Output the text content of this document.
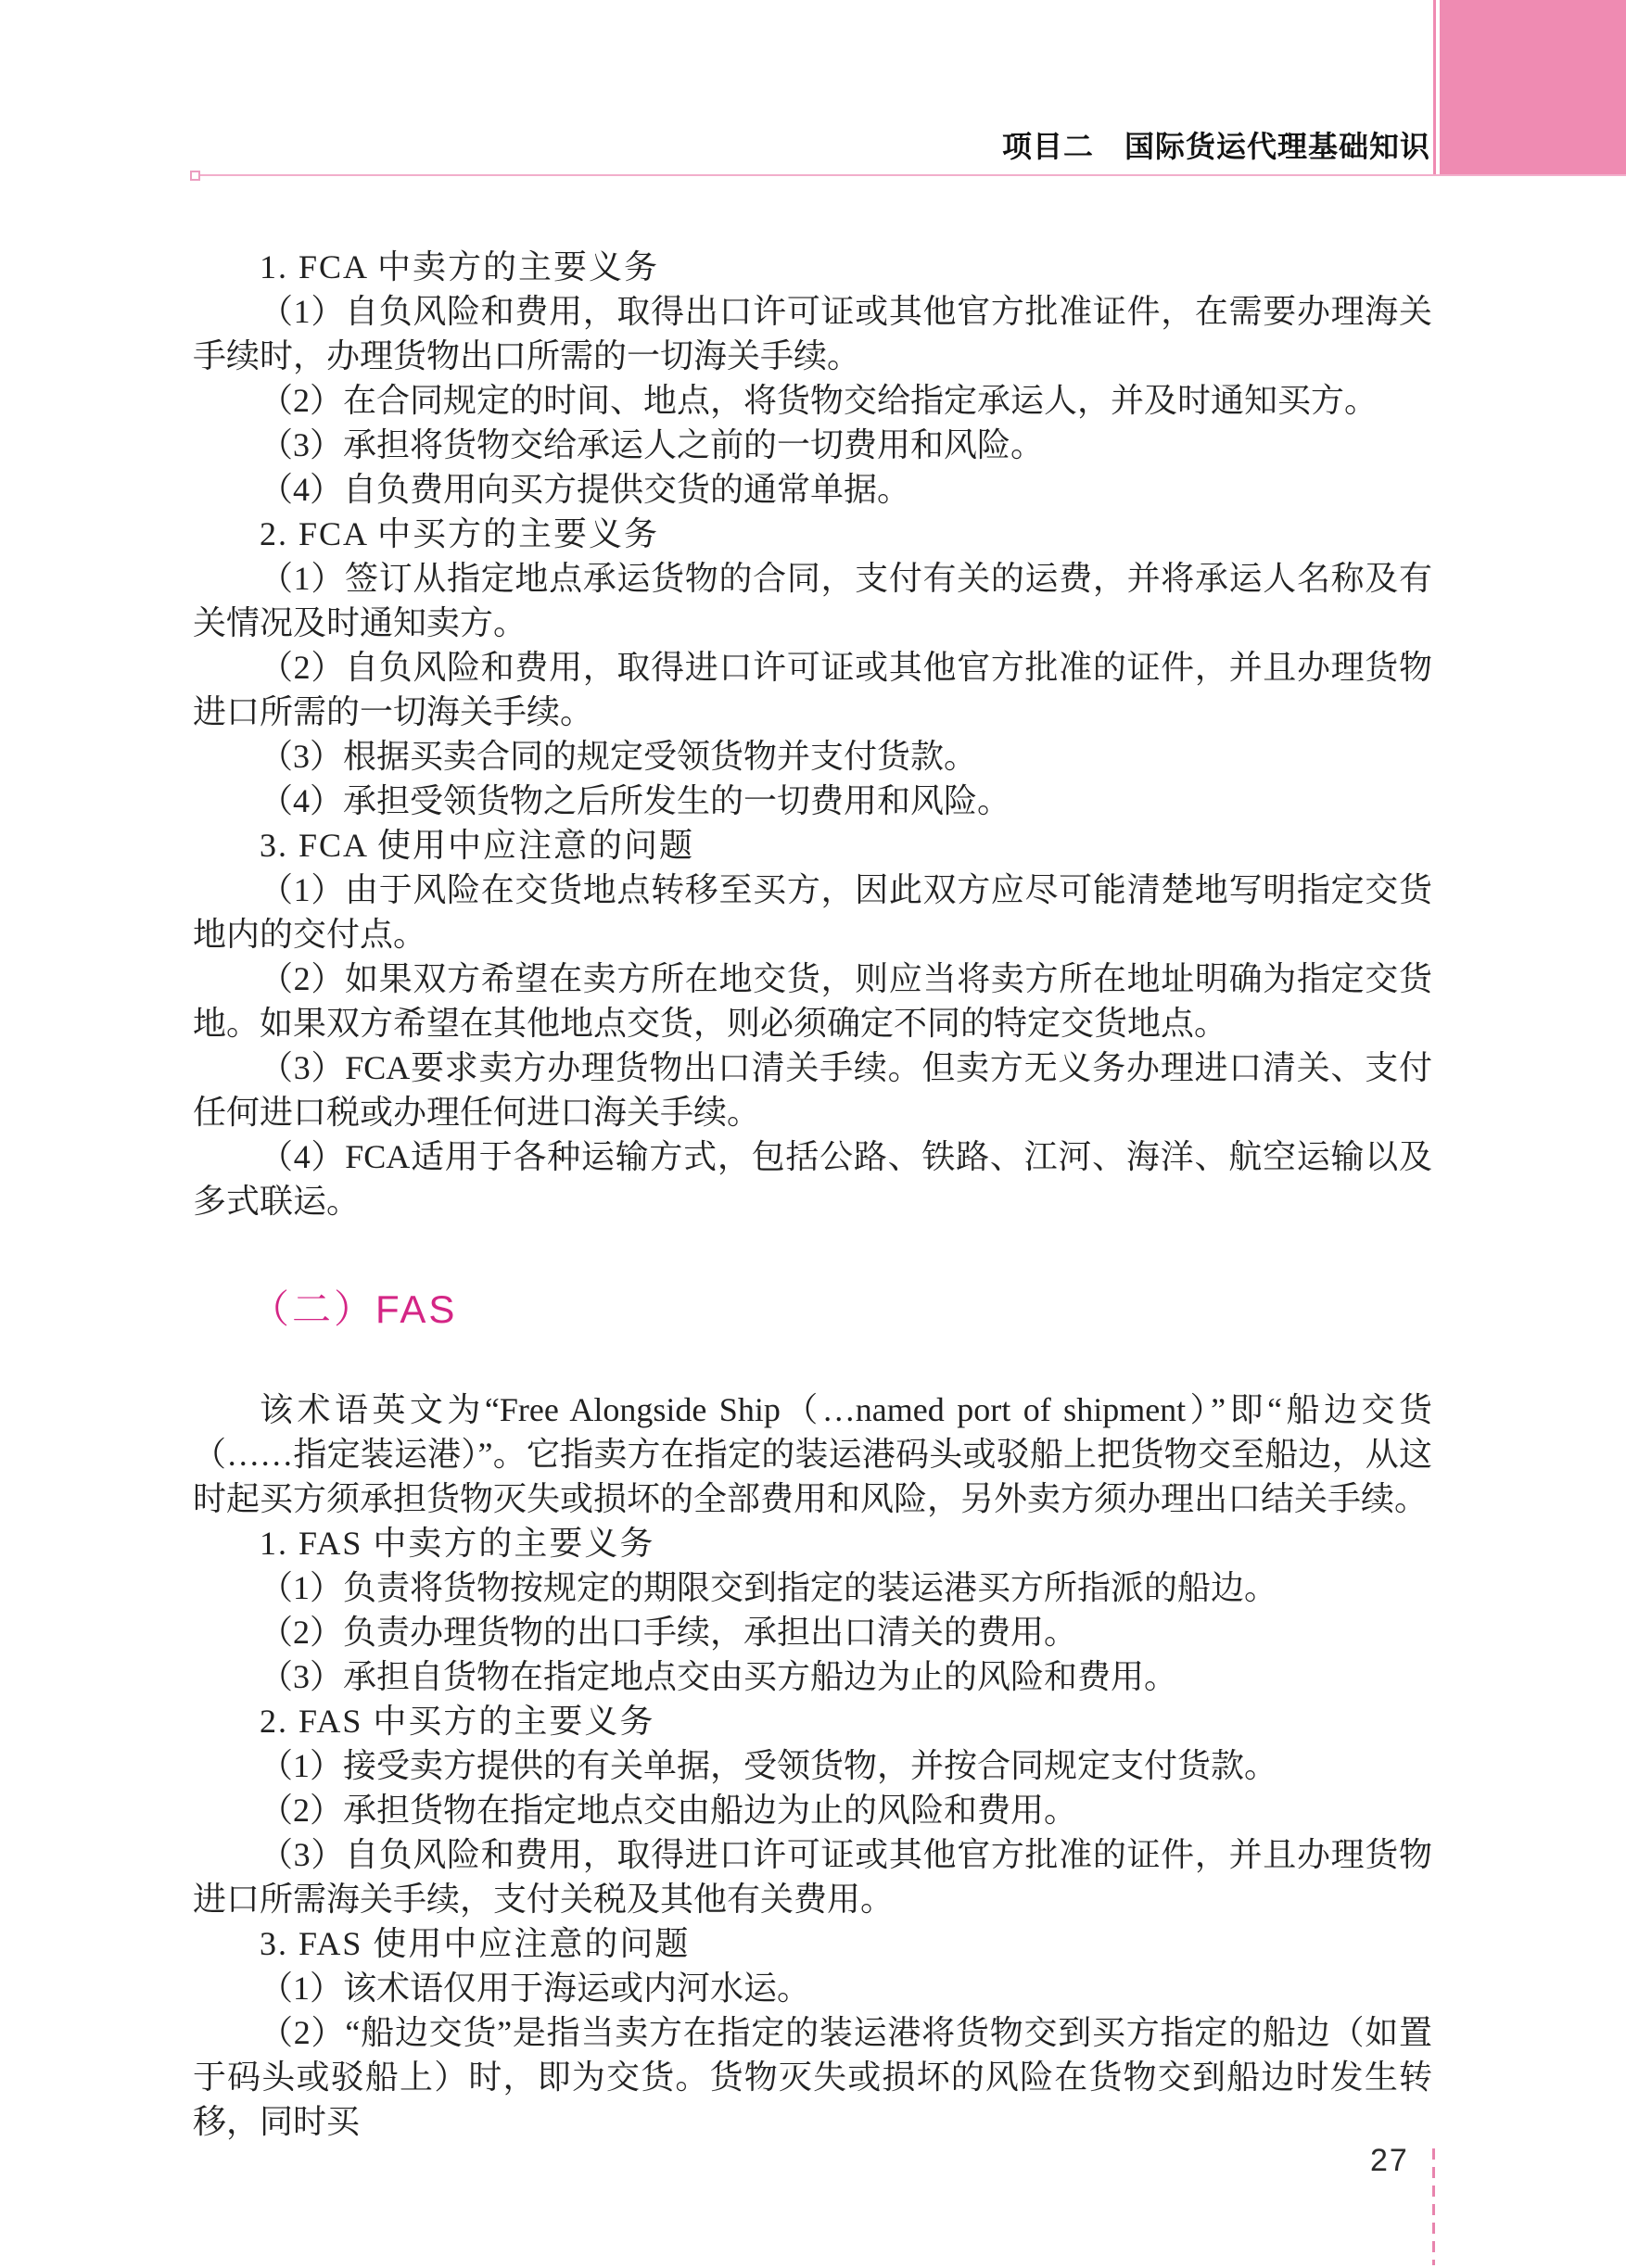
项目二　国际货运代理基础知识

1. FCA 中卖方的主要义务

（1）自负风险和费用，取得出口许可证或其他官方批准证件，在需要办理海关手续时，办理货物出口所需的一切海关手续。

（2）在合同规定的时间、地点，将货物交给指定承运人，并及时通知买方。

（3）承担将货物交给承运人之前的一切费用和风险。

（4）自负费用向买方提供交货的通常单据。

2. FCA 中买方的主要义务

（1）签订从指定地点承运货物的合同，支付有关的运费，并将承运人名称及有关情况及时通知卖方。

（2）自负风险和费用，取得进口许可证或其他官方批准的证件，并且办理货物进口所需的一切海关手续。

（3）根据买卖合同的规定受领货物并支付货款。

（4）承担受领货物之后所发生的一切费用和风险。

3. FCA 使用中应注意的问题

（1）由于风险在交货地点转移至买方，因此双方应尽可能清楚地写明指定交货地内的交付点。

（2）如果双方希望在卖方所在地交货，则应当将卖方所在地址明确为指定交货地。如果双方希望在其他地点交货，则必须确定不同的特定交货地点。

（3）FCA要求卖方办理货物出口清关手续。但卖方无义务办理进口清关、支付任何进口税或办理任何进口海关手续。

（4）FCA适用于各种运输方式，包括公路、铁路、江河、海洋、航空运输以及多式联运。

（二）FAS

该术语英文为“Free Alongside Ship（…named port of shipment）”即“船边交货（……指定装运港）”。它指卖方在指定的装运港码头或驳船上把货物交至船边，从这时起买方须承担货物灭失或损坏的全部费用和风险，另外卖方须办理出口结关手续。

1. FAS 中卖方的主要义务

（1）负责将货物按规定的期限交到指定的装运港买方所指派的船边。

（2）负责办理货物的出口手续，承担出口清关的费用。

（3）承担自货物在指定地点交由买方船边为止的风险和费用。

2. FAS 中买方的主要义务

（1）接受卖方提供的有关单据，受领货物，并按合同规定支付货款。

（2）承担货物在指定地点交由船边为止的风险和费用。

（3）自负风险和费用，取得进口许可证或其他官方批准的证件，并且办理货物进口所需海关手续，支付关税及其他有关费用。

3. FAS 使用中应注意的问题

（1）该术语仅用于海运或内河水运。

（2）“船边交货”是指当卖方在指定的装运港将货物交到买方指定的船边（如置于码头或驳船上）时，即为交货。货物灭失或损坏的风险在货物交到船边时发生转移，同时买

27
